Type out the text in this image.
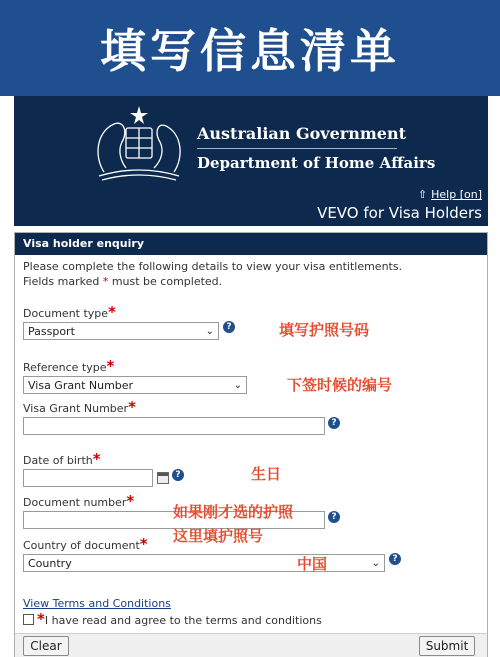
填写信息清单
Australian Government
Department of Home Affairs
⇧ Help [on]
VEVO for Visa Holders
Visa holder enquiry
Please complete the following details to view your visa entitlements.
Fields marked * must be completed.
Document type*
Passport	⌄	?	填写护照号码
Reference type*
Visa Grant Number	⌄	下签时候的编号
Visa Grant Number*
?
Date of birth*
?	生日
Document number*
?
如果刚才选的护照
这里填护照号
Country of document*
Country	⌄	?
中国
View Terms and Conditions
*I have read and agree to the terms and conditions
Clear	Submit
